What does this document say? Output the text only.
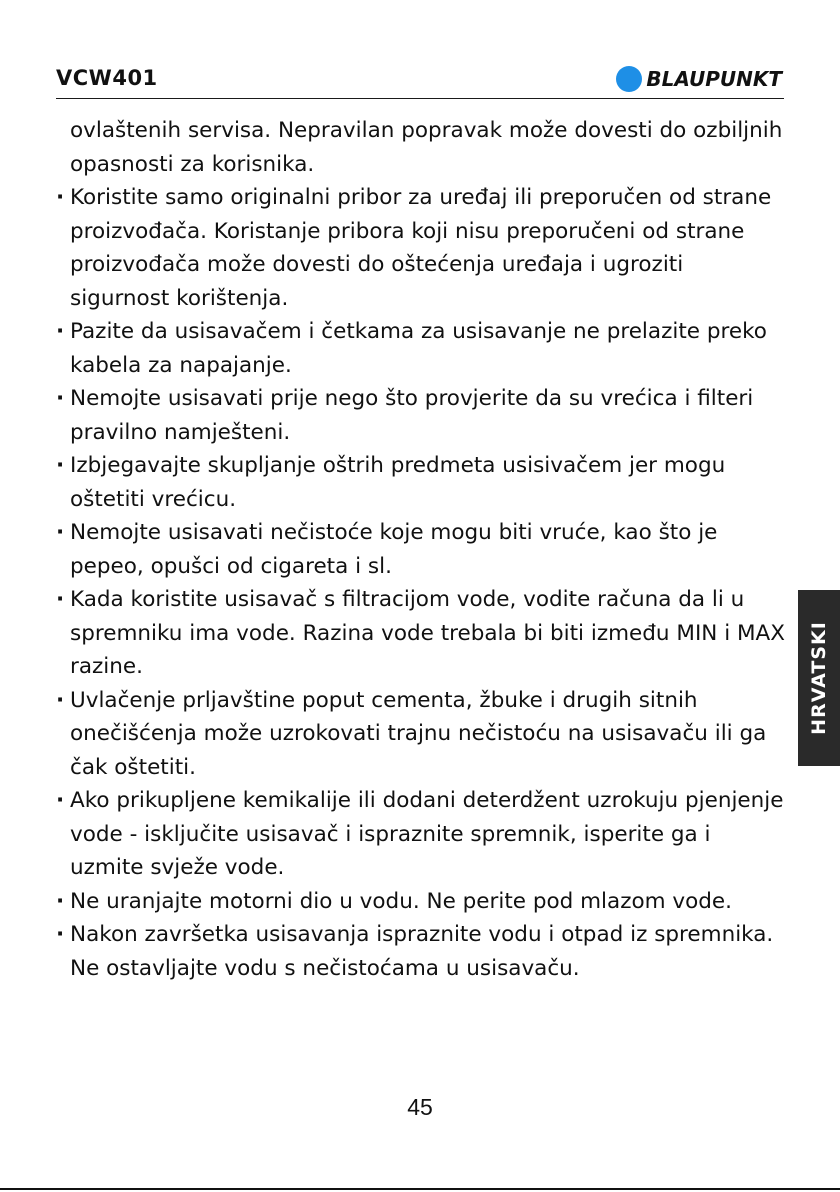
VCW401	BLAUPUNKT

ovlaštenih servisa. Nepravilan popravak može dovesti do ozbiljnih opasnosti za korisnika.

· Koristite samo originalni pribor za uređaj ili preporučen od strane proizvođača. Koristanje pribora koji nisu preporučeni od strane proizvođača može dovesti do oštećenja uređaja i ugroziti sigurnost korištenja.
· Pazite da usisavačem i četkama za usisavanje ne prelazite preko kabela za napajanje.
· Nemojte usisavati prije nego što provjerite da su vrećica i filteri pravilno namješteni.
· Izbjegavajte skupljanje oštrih predmeta usisivačem jer mogu oštetiti vrećicu.
· Nemojte usisavati nečistoće koje mogu biti vruće, kao što je pepeo, opušci od cigareta i sl.
· Kada koristite usisavač s filtracijom vode, vodite računa da li u spremniku ima vode. Razina vode trebala bi biti između MIN i MAX razine.
· Uvlačenje prljavštine poput cementa, žbuke i drugih sitnih onečišćenja može uzrokovati trajnu nečistoću na usisavaču ili ga čak oštetiti.
· Ako prikupljene kemikalije ili dodani deterdžent uzrokuju pjenjenje vode - isključite usisavač i ispraznite spremnik, isperite ga i uzmite svježe vode.
· Ne uranjajte motorni dio u vodu. Ne perite pod mlazom vode.
· Nakon završetka usisavanja ispraznite vodu i otpad iz spremnika. Ne ostavljajte vodu s nečistoćama u usisavaču.
HRVATSKI
45
